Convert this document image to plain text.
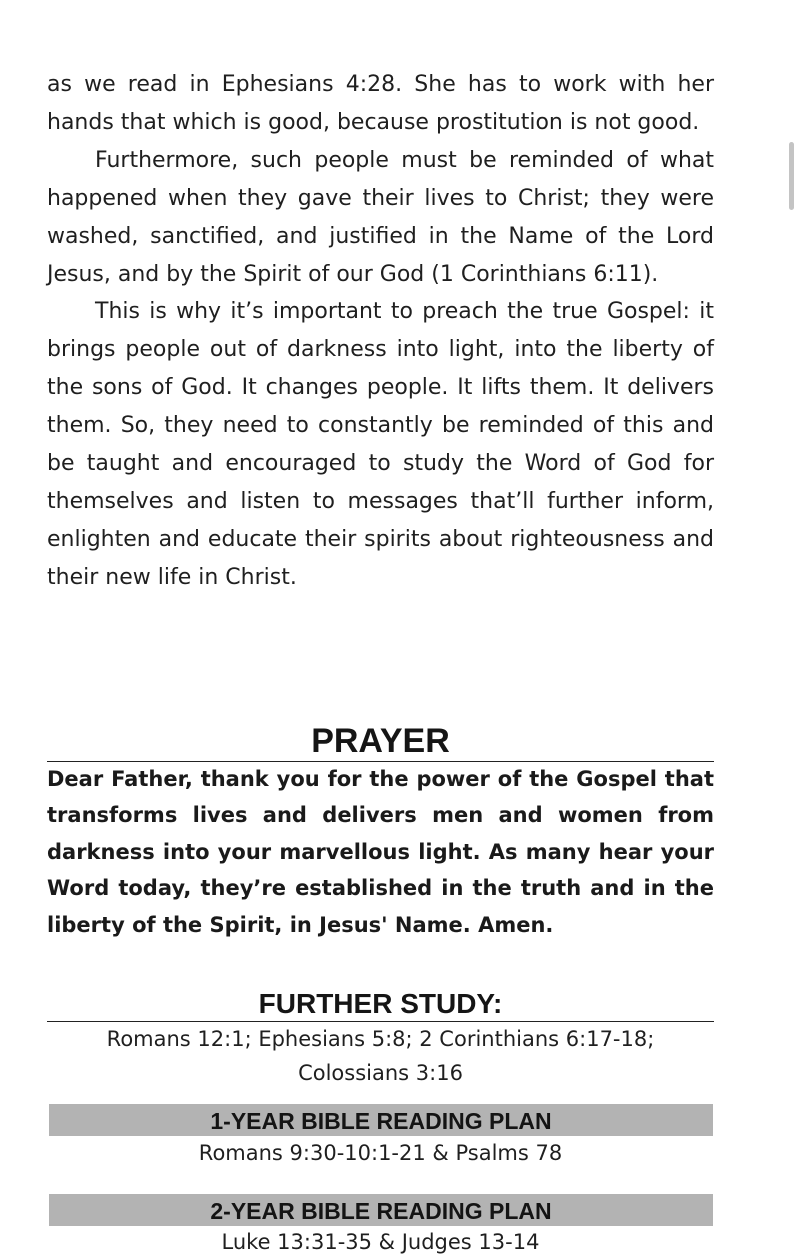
as we read in Ephesians 4:28. She has to work with her hands that which is good, because prostitution is not good.

Furthermore, such people must be reminded of what happened when they gave their lives to Christ; they were washed, sanctified, and justified in the Name of the Lord Jesus, and by the Spirit of our God (1 Corinthians 6:11).

This is why it’s important to preach the true Gospel: it brings people out of darkness into light, into the liberty of the sons of God. It changes people. It lifts them. It delivers them. So, they need to constantly be reminded of this and be taught and encouraged to study the Word of God for themselves and listen to messages that’ll further inform, enlighten and educate their spirits about righteousness and their new life in Christ.

PRAYER

Dear Father, thank you for the power of the Gospel that transforms lives and delivers men and women from darkness into your marvellous light. As many hear your Word today, they’re established in the truth and in the liberty of the Spirit, in Jesus' Name. Amen.

FURTHER STUDY:
Romans 12:1; Ephesians 5:8; 2 Corinthians 6:17-18;
Colossians 3:16
1-YEAR BIBLE READING PLAN
Romans 9:30-10:1-21 & Psalms 78
2-YEAR BIBLE READING PLAN
Luke 13:31-35 & Judges 13-14
